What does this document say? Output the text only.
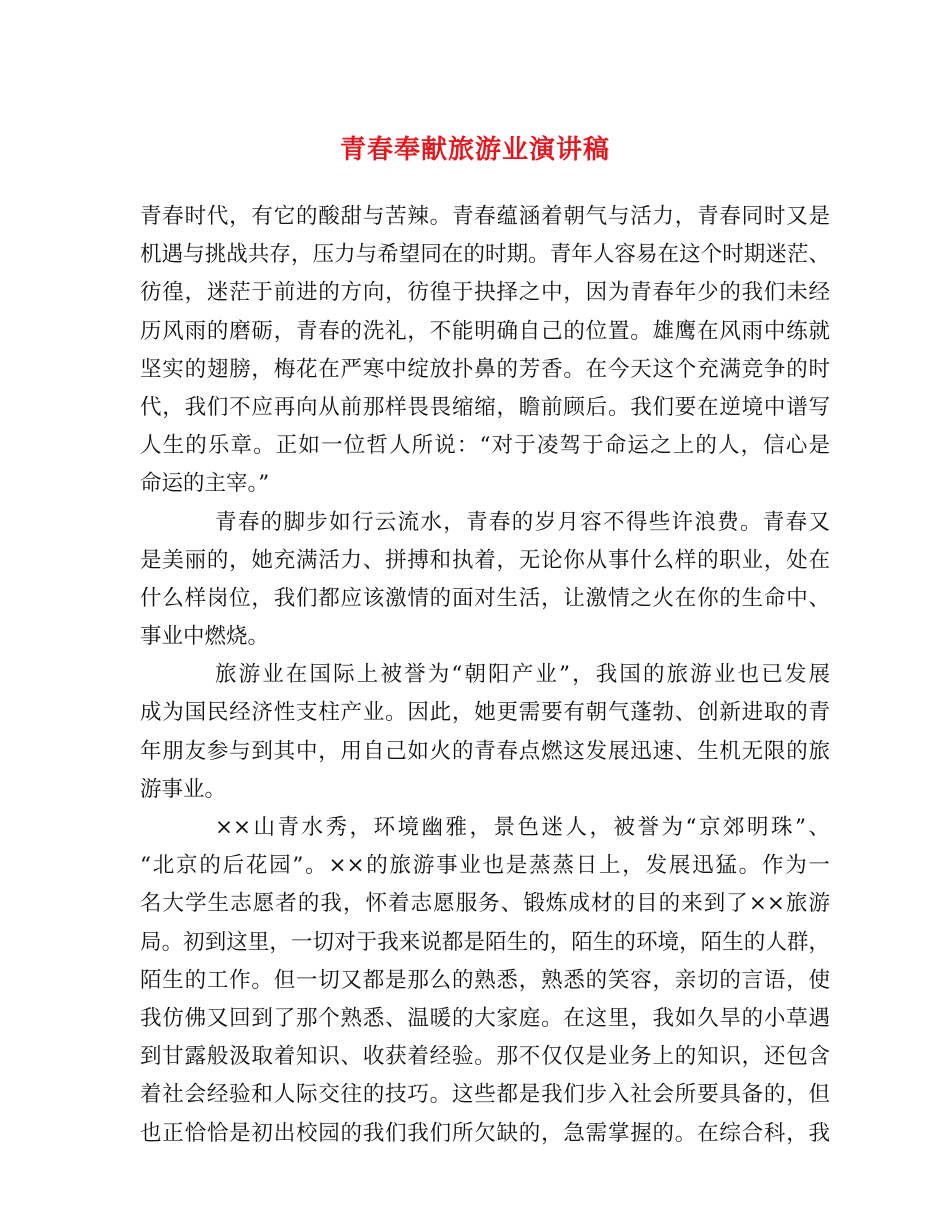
青春奉献旅游业演讲稿
青春时代，有它的酸甜与苦辣。青春蕴涵着朝气与活力，青春同时又是
机遇与挑战共存，压力与希望同在的时期。青年人容易在这个时期迷茫、
彷徨，迷茫于前进的方向，彷徨于抉择之中，因为青春年少的我们未经
历风雨的磨砺，青春的洗礼，不能明确自己的位置。雄鹰在风雨中练就
坚实的翅膀，梅花在严寒中绽放扑鼻的芳香。在今天这个充满竞争的时
代，我们不应再向从前那样畏畏缩缩，瞻前顾后。我们要在逆境中谱写
人生的乐章。正如一位哲人所说：“对于凌驾于命运之上的人，信心是
命运的主宰。”
青春的脚步如行云流水，青春的岁月容不得些许浪费。青春又
是美丽的，她充满活力、拼搏和执着，无论你从事什么样的职业，处在
什么样岗位，我们都应该激情的面对生活，让激情之火在你的生命中、
事业中燃烧。
旅游业在国际上被誉为“朝阳产业”，我国的旅游业也已发展
成为国民经济性支柱产业。因此，她更需要有朝气蓬勃、创新进取的青
年朋友参与到其中，用自己如火的青春点燃这发展迅速、生机无限的旅
游事业。
××山青水秀，环境幽雅，景色迷人，被誉为“京郊明珠”、
“北京的后花园”。××的旅游事业也是蒸蒸日上，发展迅猛。作为一
名大学生志愿者的我，怀着志愿服务、锻炼成材的目的来到了××旅游
局。初到这里，一切对于我来说都是陌生的，陌生的环境，陌生的人群，
陌生的工作。但一切又都是那么的熟悉，熟悉的笑容，亲切的言语，使
我仿佛又回到了那个熟悉、温暖的大家庭。在这里，我如久旱的小草遇
到甘露般汲取着知识、收获着经验。那不仅仅是业务上的知识，还包含
着社会经验和人际交往的技巧。这些都是我们步入社会所要具备的，但
也正恰恰是初出校园的我们我们所欠缺的，急需掌握的。在综合科，我
